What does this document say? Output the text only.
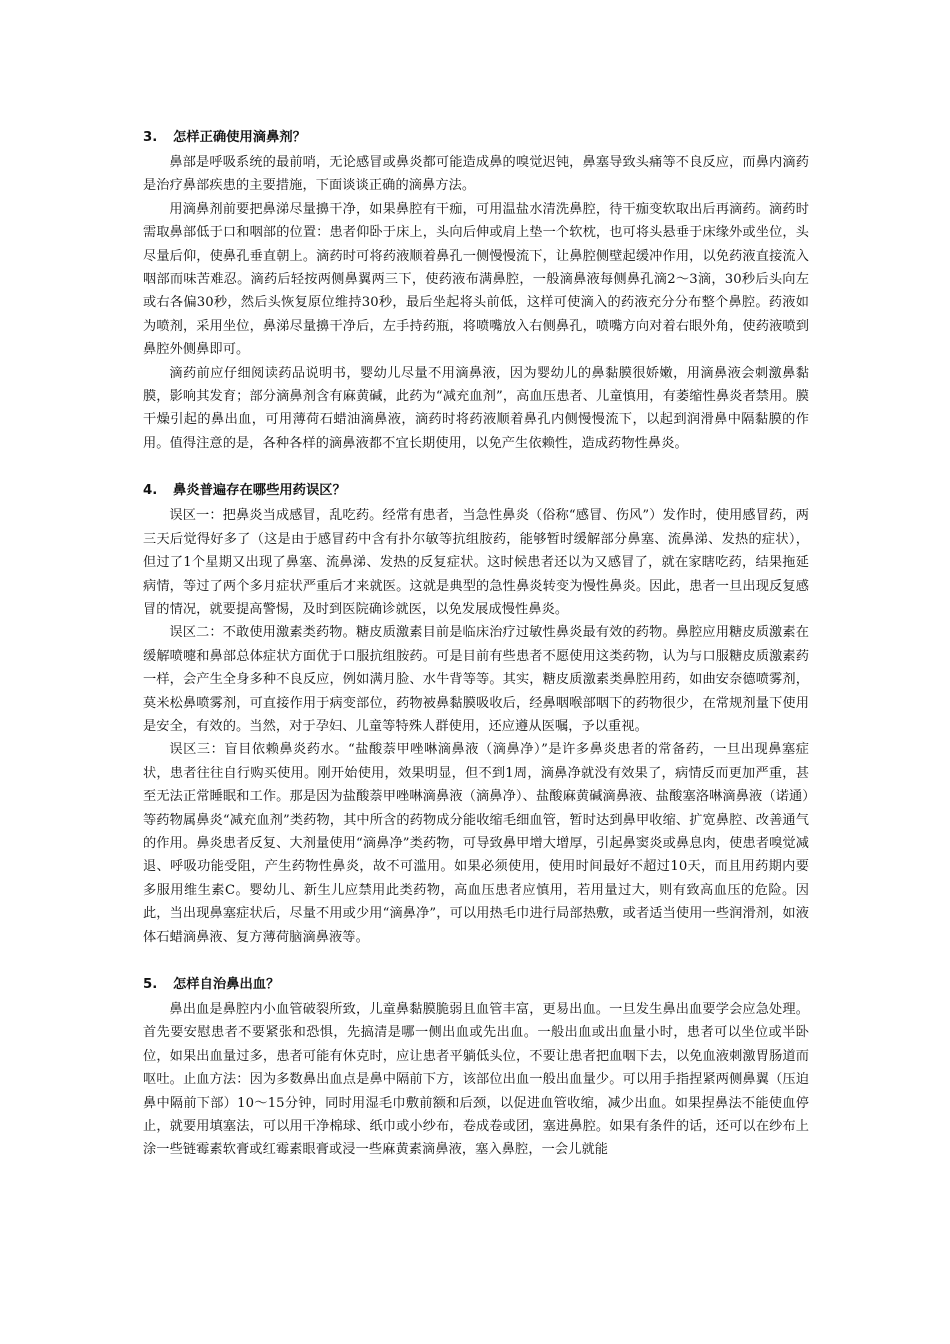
3. 怎样正确使用滴鼻剂？

鼻部是呼吸系统的最前哨，无论感冒或鼻炎都可能造成鼻的嗅觉迟钝，鼻塞导致头痛等不良反应，而鼻内滴药是治疗鼻部疾患的主要措施，下面谈谈正确的滴鼻方法。

用滴鼻剂前要把鼻涕尽量擤干净，如果鼻腔有干痂，可用温盐水清洗鼻腔，待干痂变软取出后再滴药。滴药时需取鼻部低于口和咽部的位置：患者仰卧于床上，头向后伸或肩上垫一个软枕，也可将头悬垂于床缘外或坐位，头尽量后仰，使鼻孔垂直朝上。滴药时可将药液顺着鼻孔一侧慢慢流下，让鼻腔侧壁起缓冲作用，以免药液直接流入咽部而味苦难忍。滴药后轻按两侧鼻翼两三下，使药液布满鼻腔，一般滴鼻液每侧鼻孔滴2～3滴，30秒后头向左或右各偏30秒，然后头恢复原位维持30秒，最后坐起将头前低，这样可使滴入的药液充分分布整个鼻腔。药液如为喷剂，采用坐位，鼻涕尽量擤干净后，左手持药瓶，将喷嘴放入右侧鼻孔，喷嘴方向对着右眼外角，使药液喷到鼻腔外侧鼻即可。

滴药前应仔细阅读药品说明书，婴幼儿尽量不用滴鼻液，因为婴幼儿的鼻黏膜很娇嫩，用滴鼻液会刺激鼻黏膜，影响其发育；部分滴鼻剂含有麻黄碱，此药为“减充血剂”，高血压患者、儿童慎用，有萎缩性鼻炎者禁用。膜干燥引起的鼻出血，可用薄荷石蜡油滴鼻液，滴药时将药液顺着鼻孔内侧慢慢流下，以起到润滑鼻中隔黏膜的作用。值得注意的是，各种各样的滴鼻液都不宜长期使用，以免产生依赖性，造成药物性鼻炎。

4. 鼻炎普遍存在哪些用药误区？

误区一：把鼻炎当成感冒，乱吃药。经常有患者，当急性鼻炎（俗称“感冒、伤风”）发作时，使用感冒药，两三天后觉得好多了（这是由于感冒药中含有扑尔敏等抗组胺药，能够暂时缓解部分鼻塞、流鼻涕、发热的症状），但过了1个星期又出现了鼻塞、流鼻涕、发热的反复症状。这时候患者还以为又感冒了，就在家瞎吃药，结果拖延病情，等过了两个多月症状严重后才来就医。这就是典型的急性鼻炎转变为慢性鼻炎。因此，患者一旦出现反复感冒的情况，就要提高警惕，及时到医院确诊就医，以免发展成慢性鼻炎。

误区二：不敢使用激素类药物。糖皮质激素目前是临床治疗过敏性鼻炎最有效的药物。鼻腔应用糖皮质激素在缓解喷嚏和鼻部总体症状方面优于口服抗组胺药。可是目前有些患者不愿使用这类药物，认为与口服糖皮质激素药一样，会产生全身多种不良反应，例如满月脸、水牛背等等。其实，糖皮质激素类鼻腔用药，如曲安奈德喷雾剂，莫米松鼻喷雾剂，可直接作用于病变部位，药物被鼻黏膜吸收后，经鼻咽喉部咽下的药物很少，在常规剂量下使用是安全，有效的。当然，对于孕妇、儿童等特殊人群使用，还应遵从医嘱，予以重视。

误区三：盲目依赖鼻炎药水。“盐酸萘甲唑啉滴鼻液（滴鼻净）”是许多鼻炎患者的常备药，一旦出现鼻塞症状，患者往往自行购买使用。刚开始使用，效果明显，但不到1周，滴鼻净就没有效果了，病情反而更加严重，甚至无法正常睡眠和工作。那是因为盐酸萘甲唑啉滴鼻液（滴鼻净）、盐酸麻黄碱滴鼻液、盐酸塞洛啉滴鼻液（诺通）等药物属鼻炎“减充血剂”类药物，其中所含的药物成分能收缩毛细血管，暂时达到鼻甲收缩、扩宽鼻腔、改善通气的作用。鼻炎患者反复、大剂量使用“滴鼻净”类药物，可导致鼻甲增大增厚，引起鼻窦炎或鼻息肉，使患者嗅觉减退、呼吸功能受阻，产生药物性鼻炎，故不可滥用。如果必须使用，使用时间最好不超过10天，而且用药期内要多服用维生素C。婴幼儿、新生儿应禁用此类药物，高血压患者应慎用，若用量过大，则有致高血压的危险。因此，当出现鼻塞症状后，尽量不用或少用“滴鼻净”，可以用热毛巾进行局部热敷，或者适当使用一些润滑剂，如液体石蜡滴鼻液、复方薄荷脑滴鼻液等。

5. 怎样自治鼻出血？

鼻出血是鼻腔内小血管破裂所致，儿童鼻黏膜脆弱且血管丰富，更易出血。一旦发生鼻出血要学会应急处理。首先要安慰患者不要紧张和恐惧，先搞清是哪一侧出血或先出血。一般出血或出血量小时，患者可以坐位或半卧位，如果出血量过多，患者可能有休克时，应让患者平躺低头位，不要让患者把血咽下去，以免血液刺激胃肠道而呕吐。止血方法：因为多数鼻出血点是鼻中隔前下方，该部位出血一般出血量少。可以用手指捏紧两侧鼻翼（压迫鼻中隔前下部）10～15分钟，同时用湿毛巾敷前额和后颈，以促进血管收缩，减少出血。如果捏鼻法不能使血停止，就要用填塞法，可以用干净棉球、纸巾或小纱布，卷成卷或团，塞进鼻腔。如果有条件的话，还可以在纱布上涂一些链霉素软膏或红霉素眼膏或浸一些麻黄素滴鼻液，塞入鼻腔，一会儿就能
